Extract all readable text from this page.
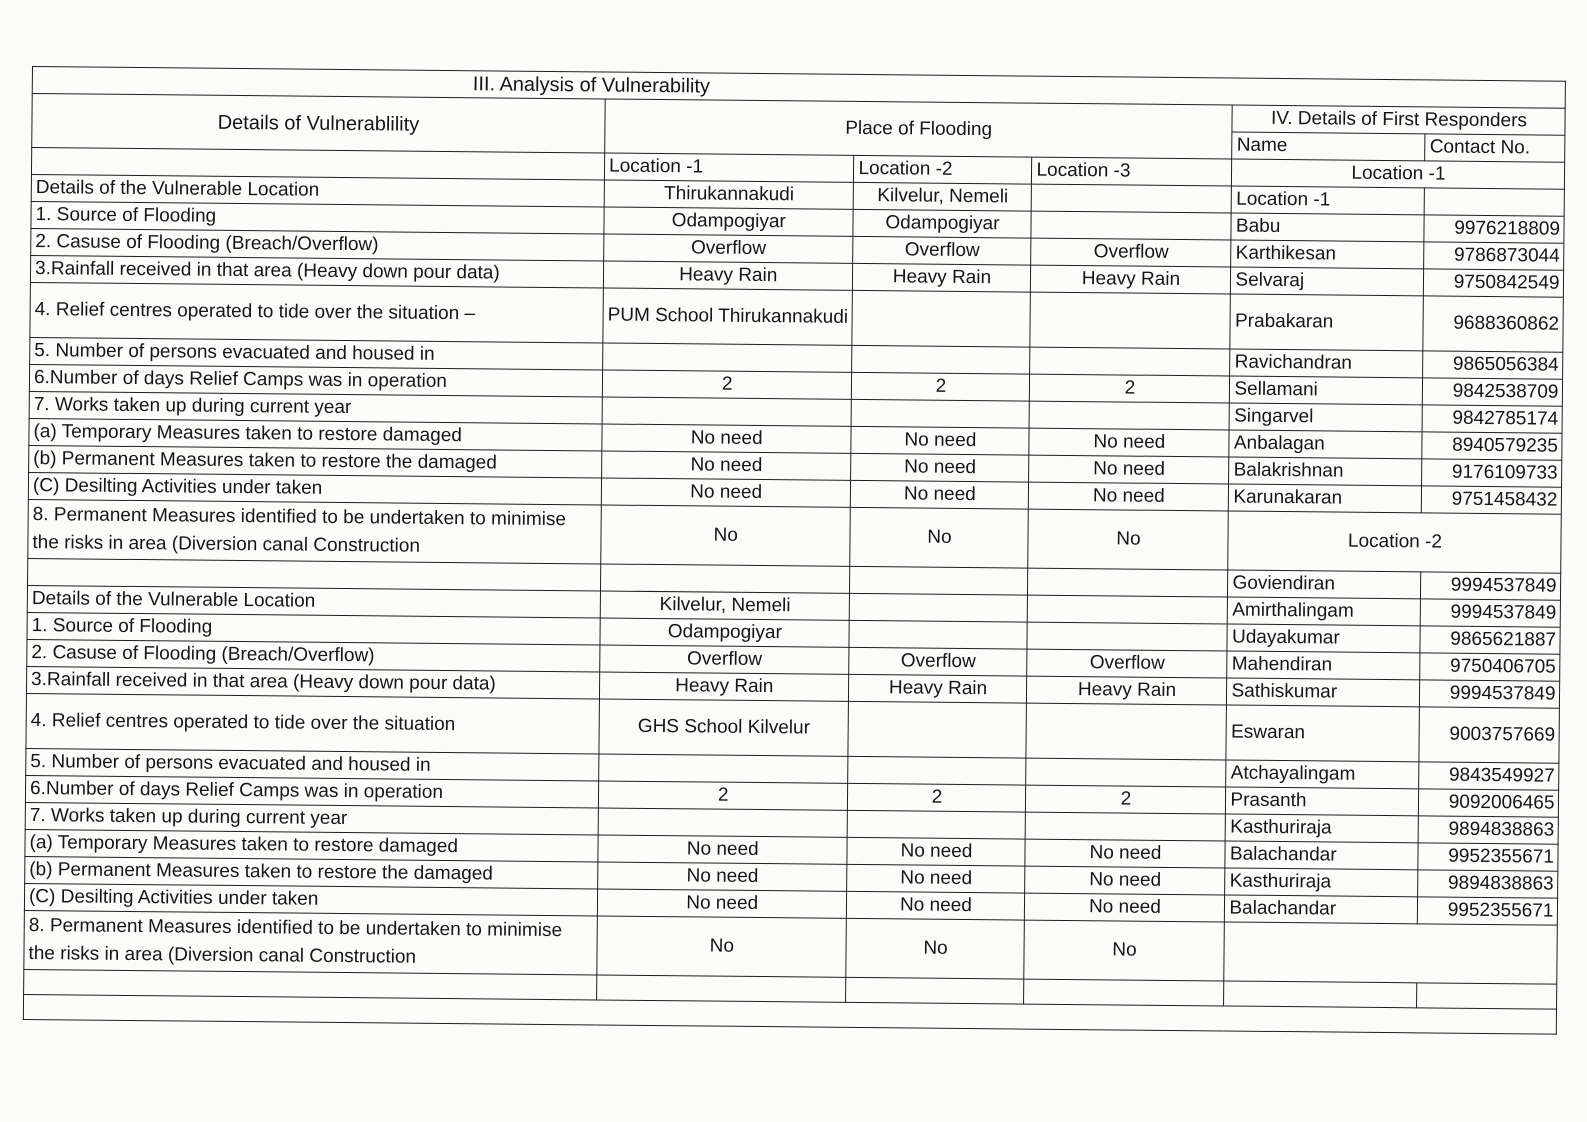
III. Analysis of Vulnerability					
Details of Vulnerablility	Place of Flooding			IV. Details of First Responders	
				Name	Contact No.
	Location -1	Location -2	Location -3	Location -1	
Details of the Vulnerable Location	Thirukannakudi	Kilvelur, Nemeli		Location -1	
1. Source of Flooding	Odampogiyar	Odampogiyar		Babu	9976218809
2. Casuse of Flooding (Breach/Overflow)	Overflow	Overflow	Overflow	Karthikesan	9786873044
3.Rainfall received in that area (Heavy down pour data)	Heavy Rain	Heavy Rain	Heavy Rain	Selvaraj	9750842549
4. Relief centres operated to tide over the situation –	PUM School Thirukannakudi			Prabakaran	9688360862
5. Number of persons evacuated and housed in				Ravichandran	9865056384
6.Number of days Relief Camps was in operation	2	2	2	Sellamani	9842538709
7. Works taken up during current year				Singarvel	9842785174
(a) Temporary Measures taken to restore damaged	No need	No need	No need	Anbalagan	8940579235
(b) Permanent Measures taken to restore the damaged	No need	No need	No need	Balakrishnan	9176109733
(C) Desilting Activities under taken	No need	No need	No need	Karunakaran	9751458432
8. Permanent Measures identified to be undertaken to minimise the risks in area (Diversion canal Construction	No	No	No	Location -2	
				Goviendiran	9994537849
Details of the Vulnerable Location	Kilvelur, Nemeli			Amirthalingam	9994537849
1. Source of Flooding	Odampogiyar			Udayakumar	9865621887
2. Casuse of Flooding (Breach/Overflow)	Overflow	Overflow	Overflow	Mahendiran	9750406705
3.Rainfall received in that area (Heavy down pour data)	Heavy Rain	Heavy Rain	Heavy Rain	Sathiskumar	9994537849
4. Relief centres operated to tide over the situation	GHS School Kilvelur			Eswaran	9003757669
5. Number of persons evacuated and housed in				Atchayalingam	9843549927
6.Number of days Relief Camps was in operation	2	2	2	Prasanth	9092006465
7. Works taken up during current year				Kasthuriraja	9894838863
(a) Temporary Measures taken to restore damaged	No need	No need	No need	Balachandar	9952355671
(b) Permanent Measures taken to restore the damaged	No need	No need	No need	Kasthuriraja	9894838863
(C) Desilting Activities under taken	No need	No need	No need	Balachandar	9952355671
8. Permanent Measures identified to be undertaken to minimise the risks in area (Diversion canal Construction	No	No	No		
